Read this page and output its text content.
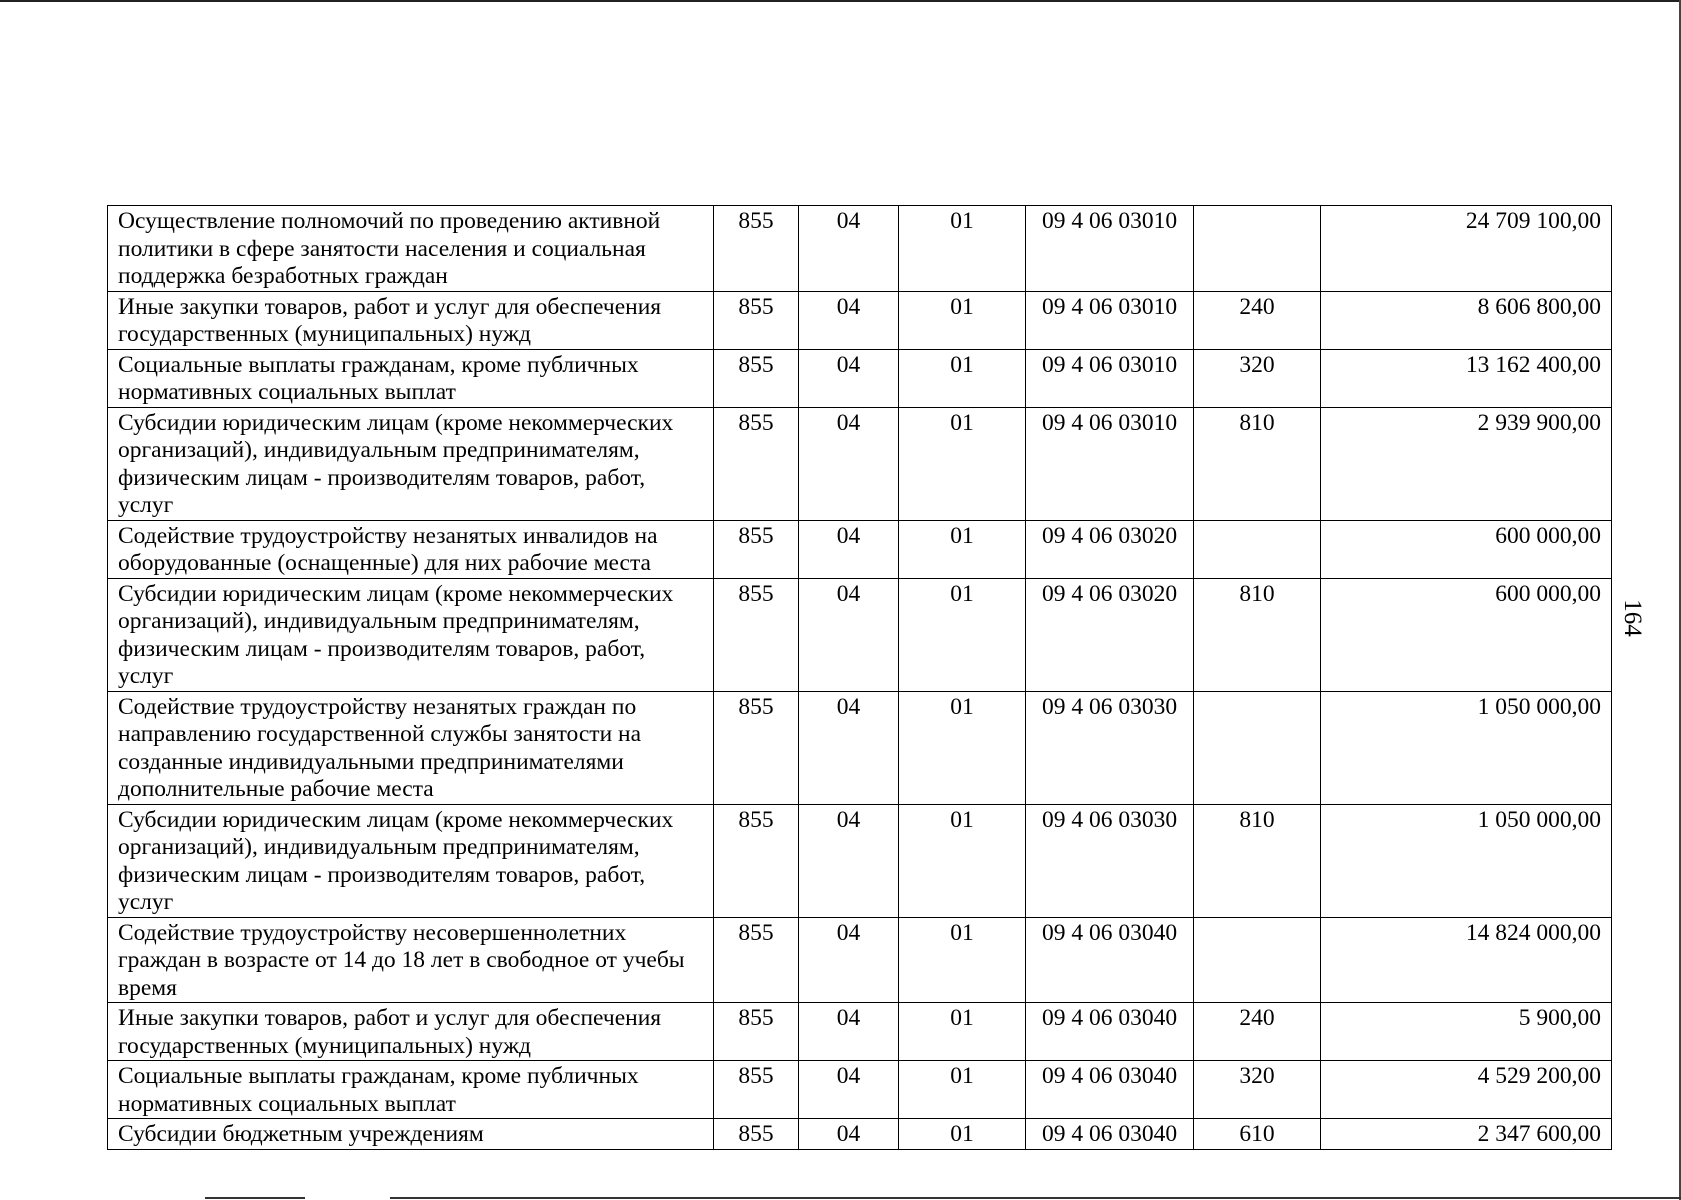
Осуществление полномочий по проведению активной политики в сфере занятости населения и социальная поддержка безработных граждан	855	04	01	09 4 06 03010		24 709 100,00
Иные закупки товаров, работ и услуг для обеспечения государственных (муниципальных) нужд	855	04	01	09 4 06 03010	240	8 606 800,00
Социальные выплаты гражданам, кроме публичных нормативных социальных выплат	855	04	01	09 4 06 03010	320	13 162 400,00
Субсидии юридическим лицам (кроме некоммерческих организаций), индивидуальным предпринимателям, физическим лицам - производителям товаров, работ, услуг	855	04	01	09 4 06 03010	810	2 939 900,00
Содействие трудоустройству незанятых инвалидов на оборудованные (оснащенные) для них рабочие места	855	04	01	09 4 06 03020		600 000,00
Субсидии юридическим лицам (кроме некоммерческих организаций), индивидуальным предпринимателям, физическим лицам - производителям товаров, работ, услуг	855	04	01	09 4 06 03020	810	600 000,00
Содействие трудоустройству незанятых граждан по направлению государственной службы занятости на созданные индивидуальными предпринимателями дополнительные рабочие места	855	04	01	09 4 06 03030		1 050 000,00
Субсидии юридическим лицам (кроме некоммерческих организаций), индивидуальным предпринимателям, физическим лицам - производителям товаров, работ, услуг	855	04	01	09 4 06 03030	810	1 050 000,00
Содействие трудоустройству несовершеннолетних граждан в возрасте от 14 до 18 лет в свободное от учебы время	855	04	01	09 4 06 03040		14 824 000,00
Иные закупки товаров, работ и услуг для обеспечения государственных (муниципальных) нужд	855	04	01	09 4 06 03040	240	5 900,00
Социальные выплаты гражданам, кроме публичных нормативных социальных выплат	855	04	01	09 4 06 03040	320	4 529 200,00
Субсидии бюджетным учреждениям	855	04	01	09 4 06 03040	610	2 347 600,00
164
